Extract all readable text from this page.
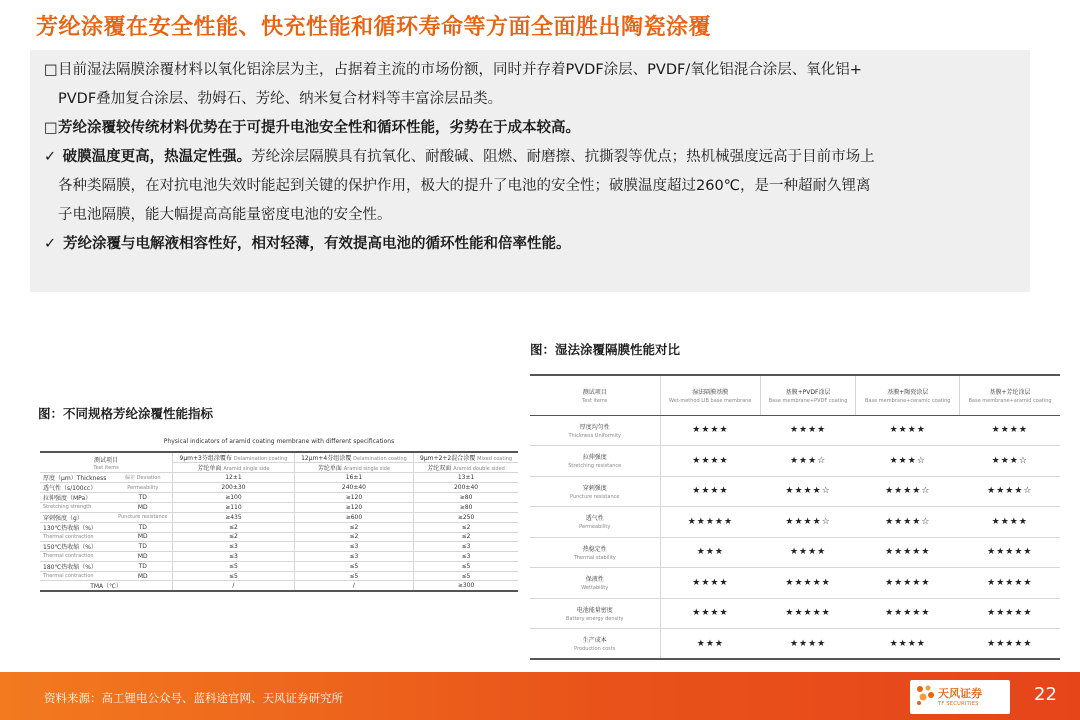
芳纶涂覆在安全性能、快充性能和循环寿命等方面全面胜出陶瓷涂覆

□目前湿法隔膜涂覆材料以氧化铝涂层为主，占据着主流的市场份额，同时并存着PVDF涂层、PVDF/氧化铝混合涂层、氧化铝+

PVDF叠加复合涂层、勃姆石、芳纶、纳米复合材料等丰富涂层品类。

□芳纶涂覆较传统材料优势在于可提升电池安全性和循环性能，劣势在于成本较高。

✓ 破膜温度更高，热温定性强。芳纶涂层隔膜具有抗氧化、耐酸碱、阻燃、耐磨擦、抗撕裂等优点；热机械强度远高于目前市场上

各种类隔膜，在对抗电池失效时能起到关键的保护作用，极大的提升了电池的安全性；破膜温度超过260℃，是一种超耐久锂离

子电池隔膜，能大幅提高高能量密度电池的安全性。

✓ 芳纶涂覆与电解液相容性好，相对轻薄，有效提高电池的循环性能和倍率性能。

图：不同规格芳纶涂覆性能指标
Physical indicators of aramid coating membrane with different specifications
测试项目
Test items		9μm+3芬组涂覆布 Delamination coating	12μm+4芬组涂覆 Delamination coating	9μm+2+2混合涂覆 Mixed coating
		芳纶单面 Aramid single side	芳纶单面 Aramid single side	芳纶双面 Aramid double sided
厚度（μm）Thickness	偏差 Deviation	12±1	16±1	13±1
透气性（s/100cc）	Permeability	200±30	240±40	200±40
拉伸强度（MPa）	TD	≥100	≥120	≥80
Stretching strength	MD	≥110	≥120	≥80
穿刺强度（g）	Puncture resistance	≥435	≥600	≥250
130℃热收缩（%）	TD	≤2	≤2	≤2
Thermal contraction	MD	≤2	≤2	≤2
150℃热收缩（%）	TD	≤3	≤3	≤3
Thermal contraction	MD	≤3	≤3	≤3
180℃热收缩（%）	TD	≤5	≤5	≤5
Thermal contraction	MD	≤5	≤5	≤5
TMA（℃）		/	/	≥300
图：湿法涂覆隔膜性能对比
测试项目
Test items	湿法隔膜基膜
Wet-method LIB base membrane	基膜+PVDF涂层
Base membrane+PVDF coating	基膜+陶瓷涂层
Base membrane+ceramic coating	基膜+芳纶涂层
Base membrane+aramid coating

厚度均匀性
Thickness Uniformity	★★★★	★★★★	★★★★	★★★★
拉伸强度
Stretching resistance	★★★★	★★★☆	★★★☆	★★★☆
穿刺强度
Puncture resistance	★★★★	★★★★☆	★★★★☆	★★★★☆
透气性
Permeability	★★★★★	★★★★☆	★★★★☆	★★★★
热稳定性
Thermal stability	★★★	★★★★	★★★★★	★★★★★
保液性
Wettability	★★★★	★★★★★	★★★★★	★★★★★
电池能量密度
Battery energy density	★★★★	★★★★★	★★★★★	★★★★★
生产成本
Production costs	★★★	★★★★	★★★★	★★★★★
资料来源：高工锂电公众号、蓝科途官网、天风证券研究所	天风证券
TF SECURITIES	22
